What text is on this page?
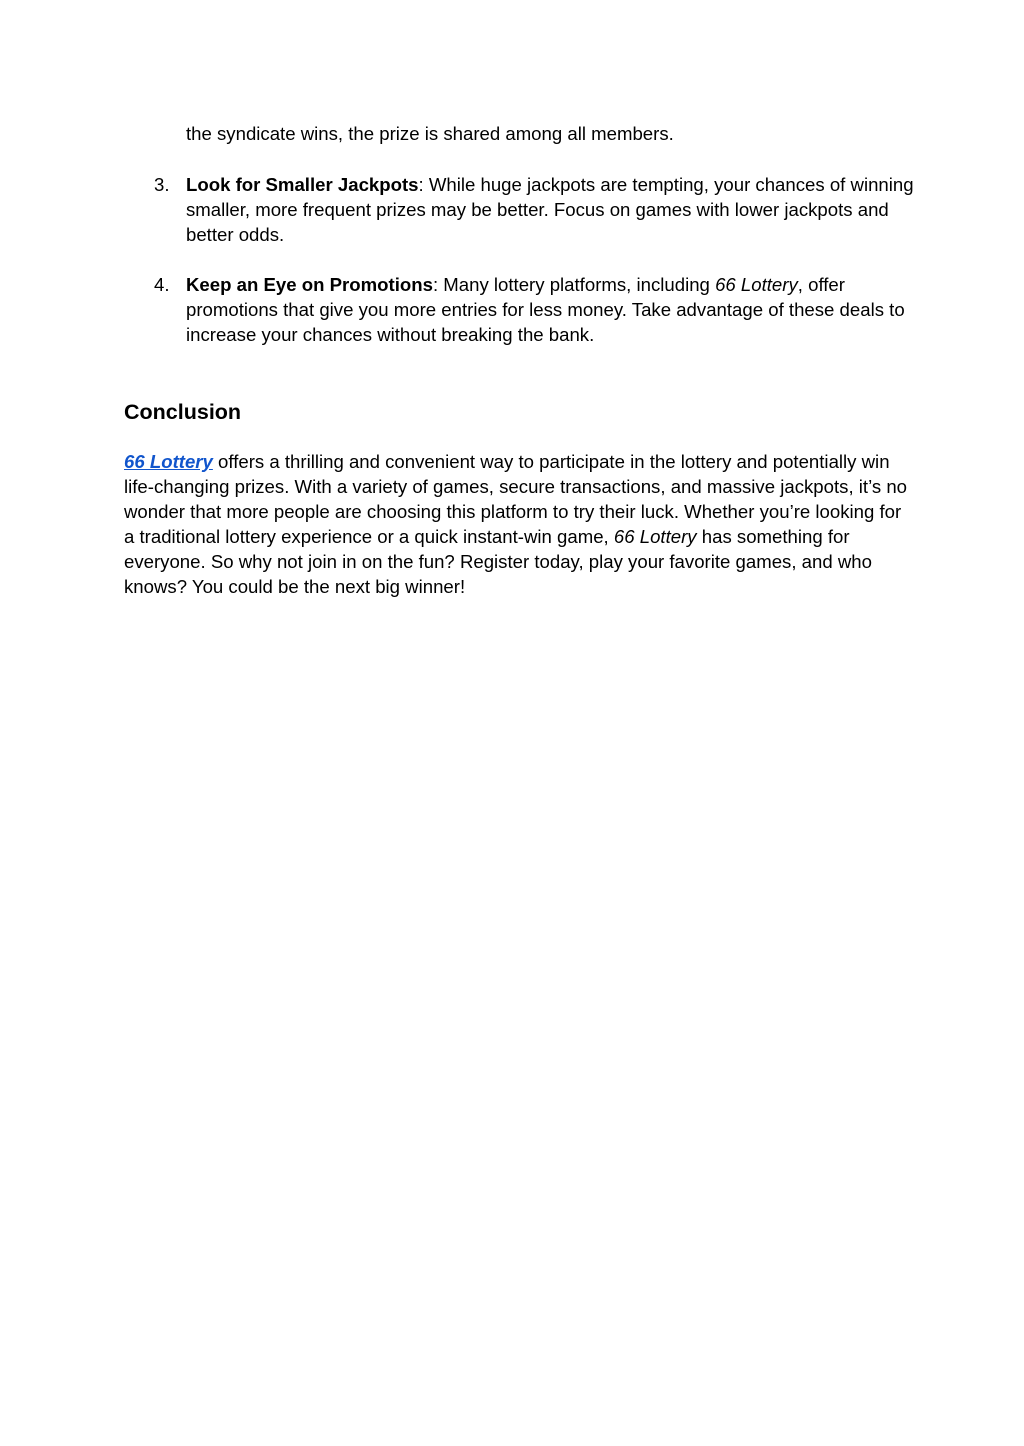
the syndicate wins, the prize is shared among all members.
3. Look for Smaller Jackpots: While huge jackpots are tempting, your chances of winning smaller, more frequent prizes may be better. Focus on games with lower jackpots and better odds.
4. Keep an Eye on Promotions: Many lottery platforms, including 66 Lottery, offer promotions that give you more entries for less money. Take advantage of these deals to increase your chances without breaking the bank.
Conclusion
66 Lottery offers a thrilling and convenient way to participate in the lottery and potentially win life-changing prizes. With a variety of games, secure transactions, and massive jackpots, it’s no wonder that more people are choosing this platform to try their luck. Whether you’re looking for a traditional lottery experience or a quick instant-win game, 66 Lottery has something for everyone. So why not join in on the fun? Register today, play your favorite games, and who knows? You could be the next big winner!
